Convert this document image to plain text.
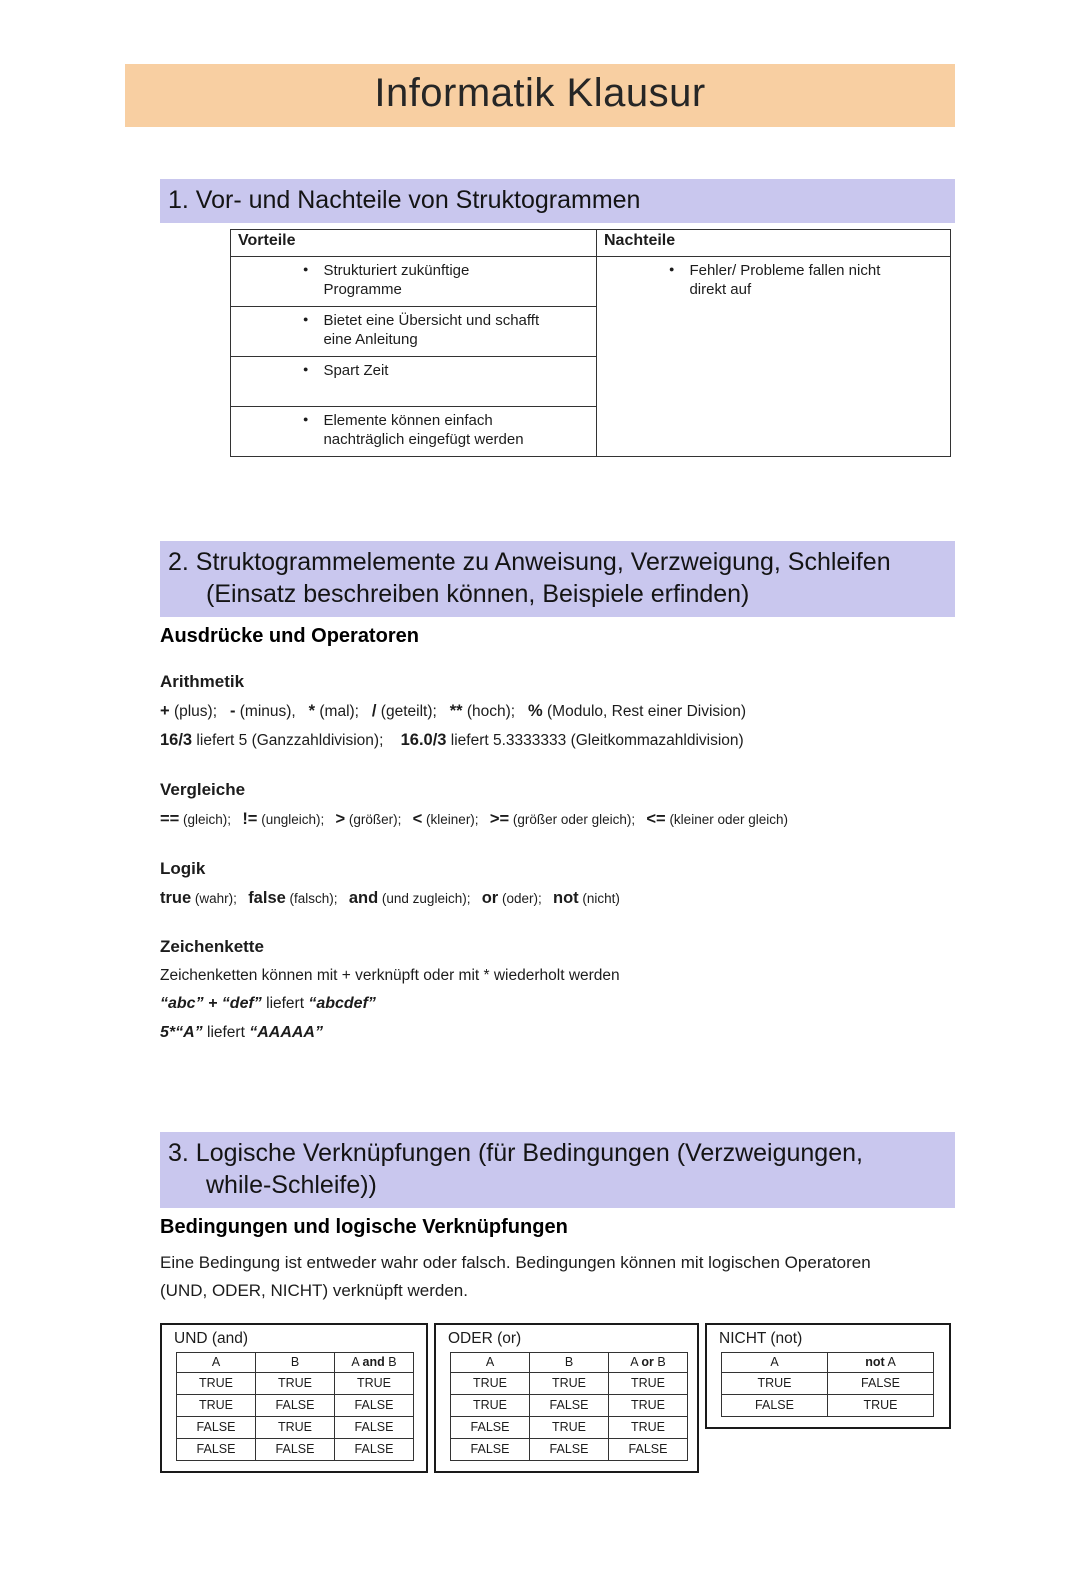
Informatik Klausur
1. Vor- und Nachteile von Struktogrammen
Vorteile	Nachteile

● Strukturiert zukünftige Programme	● Fehler/ Probleme fallen nicht direkt auf

● Bietet eine Übersicht und schafft eine Anleitung	

● Spart Zeit	

● Elemente können einfach nachträglich eingefügt werden	
2. Struktogrammelemente zu Anweisung, Verzweigung, Schleifen
(Einsatz beschreiben können, Beispiele erfinden)
Ausdrücke und Operatoren
Arithmetik
+ (plus);   - (minus),   * (mal);   / (geteilt);   ** (hoch);   % (Modulo, Rest einer Division)
16/3 liefert 5 (Ganzzahldivision);    16.0/3 liefert 5.3333333 (Gleitkommazahldivision)
Vergleiche
== (gleich);   != (ungleich);   > (größer);   < (kleiner);   >= (größer oder gleich);   <= (kleiner oder gleich)
Logik
true (wahr);   false (falsch);   and (und zugleich);   or (oder);   not (nicht)
Zeichenkette
Zeichenketten können mit + verknüpft oder mit * wiederholt werden
“abc” + “def” liefert “abcdef”
5*“A” liefert “AAAAA”
3. Logische Verknüpfungen (für Bedingungen (Verzweigungen,
while-Schleife))
Bedingungen und logische Verknüpfungen

Eine Bedingung ist entweder wahr oder falsch. Bedingungen können mit logischen Operatoren (UND, ODER, NICHT) verknüpft werden.

UND (and)
A	B	A and B
TRUE	TRUE	TRUE
TRUE	FALSE	FALSE
FALSE	TRUE	FALSE
FALSE	FALSE	FALSE
ODER (or)
A	B	A or B
TRUE	TRUE	TRUE
TRUE	FALSE	TRUE
FALSE	TRUE	TRUE
FALSE	FALSE	FALSE
NICHT (not)
A	not A
TRUE	FALSE
FALSE	TRUE
